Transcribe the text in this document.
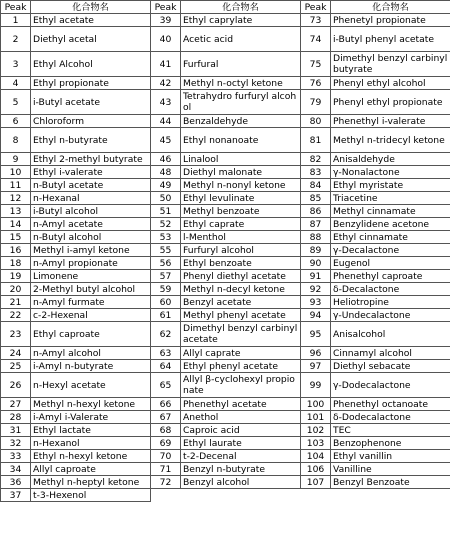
Peak	化合物名	Peak	化合物名	Peak	化合物名
1	Ethyl acetate	39	Ethyl caprylate	73	Phenetyl propionate
2	Diethyl acetal	40	Acetic acid	74	i-Butyl phenyl acetate
3	Ethyl Alcohol	41	Furfural	75	Dimethyl benzyl carbinylbutyrate
4	Ethyl propionate	42	Methyl n-octyl ketone	76	Phenyl ethyl alcohol
5	i-Butyl acetate	43	Tetrahydro furfuryl alcohol	79	Phenyl ethyl propionate
6	Chloroform	44	Benzaldehyde	80	Phenethyl i-valerate
8	Ethyl n-butyrate	45	Ethyl nonanoate	81	Methyl n-tridecyl ketone
9	Ethyl 2-methyl butyrate	46	Linalool	82	Anisaldehyde
10	Ethyl i-valerate	48	Diethyl malonate	83	γ-Nonalactone
11	n-Butyl acetate	49	Methyl n-nonyl ketone	84	Ethyl myristate
12	n-Hexanal	50	Ethyl levulinate	85	Triacetine
13	i-Butyl alcohol	51	Methyl benzoate	86	Methyl cinnamate
14	n-Amyl acetate	52	Ethyl caprate	87	Benzylidene acetone
15	n-Butyl alcohol	53	l-Menthol	88	Ethyl cinnamate
16	Methyl i-amyl ketone	55	Furfuryl alcohol	89	γ-Decalactone
18	n-Amyl propionate	56	Ethyl benzoate	90	Eugenol
19	Limonene	57	Phenyl diethyl acetate	91	Phenethyl caproate
20	2-Methyl butyl alcohol	59	Methyl n-decyl ketone	92	δ-Decalactone
21	n-Amyl furmate	60	Benzyl acetate	93	Heliotropine
22	c-2-Hexenal	61	Methyl phenyl acetate	94	γ-Undecalactone
23	Ethyl caproate	62	Dimethyl benzyl carbinyl acetate	95	Anisalcohol
24	n-Amyl alcohol	63	Allyl caprate	96	Cinnamyl alcohol
25	i-Amyl n-butyrate	64	Ethyl phenyl acetate	97	Diethyl sebacate
26	n-Hexyl acetate	65	Allyl β-cyclohexyl propionate	99	γ-Dodecalactone
27	Methyl n-hexyl ketone	66	Phenethyl acetate	100	Phenethyl octanoate
28	i-Amyl i-Valerate	67	Anethol	101	δ-Dodecalactone
31	Ethyl lactate	68	Caproic acid	102	TEC
32	n-Hexanol	69	Ethyl laurate	103	Benzophenone
33	Ethyl n-hexyl ketone	70	t-2-Decenal	104	Ethyl vanillin
34	Allyl caproate	71	Benzyl n-butyrate	106	Vanilline
36	Methyl n-heptyl ketone	72	Benzyl alcohol	107	Benzyl Benzoate
37	t-3-Hexenol				
